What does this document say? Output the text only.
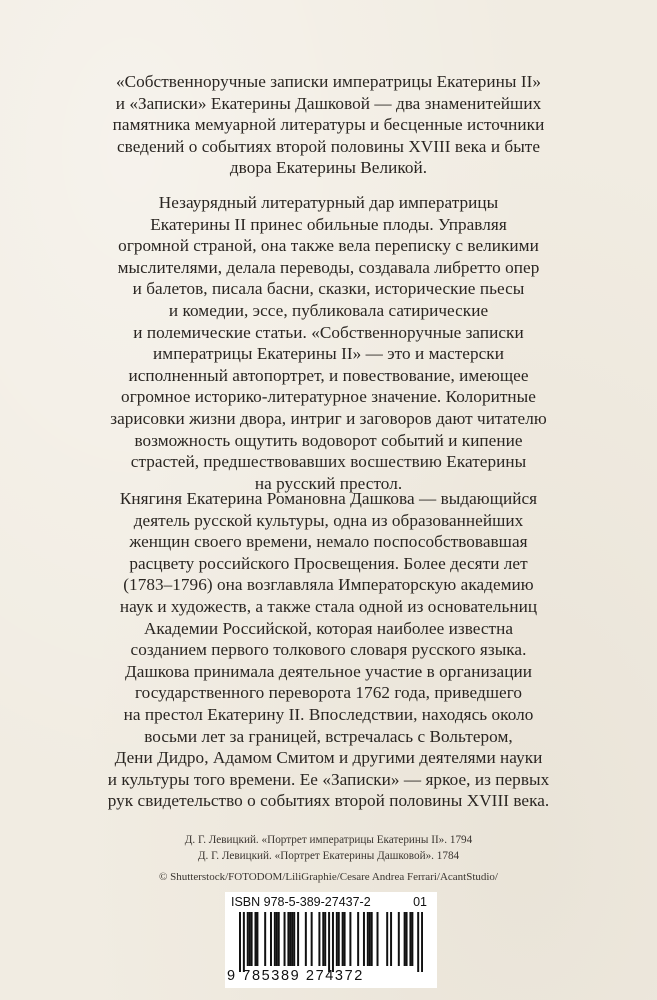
«Собственноручные записки императрицы Екатерины II»
и «Записки» Екатерины Дашковой — два знаменитейших
памятника мемуарной литературы и бесценные источники
сведений о событиях второй половины XVIII века и быте
двора Екатерины Великой.
Незаурядный литературный дар императрицы
Екатерины II принес обильные плоды. Управляя
огромной страной, она также вела переписку с великими
мыслителями, делала переводы, создавала либретто опер
и балетов, писала басни, сказки, исторические пьесы
и комедии, эссе, публиковала сатирические
и полемические статьи. «Собственноручные записки
императрицы Екатерины II» — это и мастерски
исполненный автопортрет, и повествование, имеющее
огромное историко-литературное значение. Колоритные
зарисовки жизни двора, интриг и заговоров дают читателю
возможность ощутить водоворот событий и кипение
страстей, предшествовавших восшествию Екатерины
на русский престол.
Княгиня Екатерина Романовна Дашкова — выдающийся
деятель русской культуры, одна из образованнейших
женщин своего времени, немало поспособствовавшая
расцвету российского Просвещения. Более десяти лет
(1783–1796) она возглавляла Императорскую академию
наук и художеств, а также стала одной из основательниц
Академии Российской, которая наиболее известна
созданием первого толкового словаря русского языка.
Дашкова принимала деятельное участие в организации
государственного переворота 1762 года, приведшего
на престол Екатерину II. Впоследствии, находясь около
восьми лет за границей, встречалась с Вольтером,
Дени Дидро, Адамом Смитом и другими деятелями науки
и культуры того времени. Ее «Записки» — яркое, из первых
рук свидетельство о событиях второй половины XVIII века.
Д. Г. Левицкий. «Портрет императрицы Екатерины II». 1794
Д. Г. Левицкий. «Портрет Екатерины Дашковой». 1784
© Shutterstock/FOTODOM/LiliGraphie/Cesare Andrea Ferrari/AcantStudio/
ISBN 978-5-389-27437-2	01
9 785389 274372
